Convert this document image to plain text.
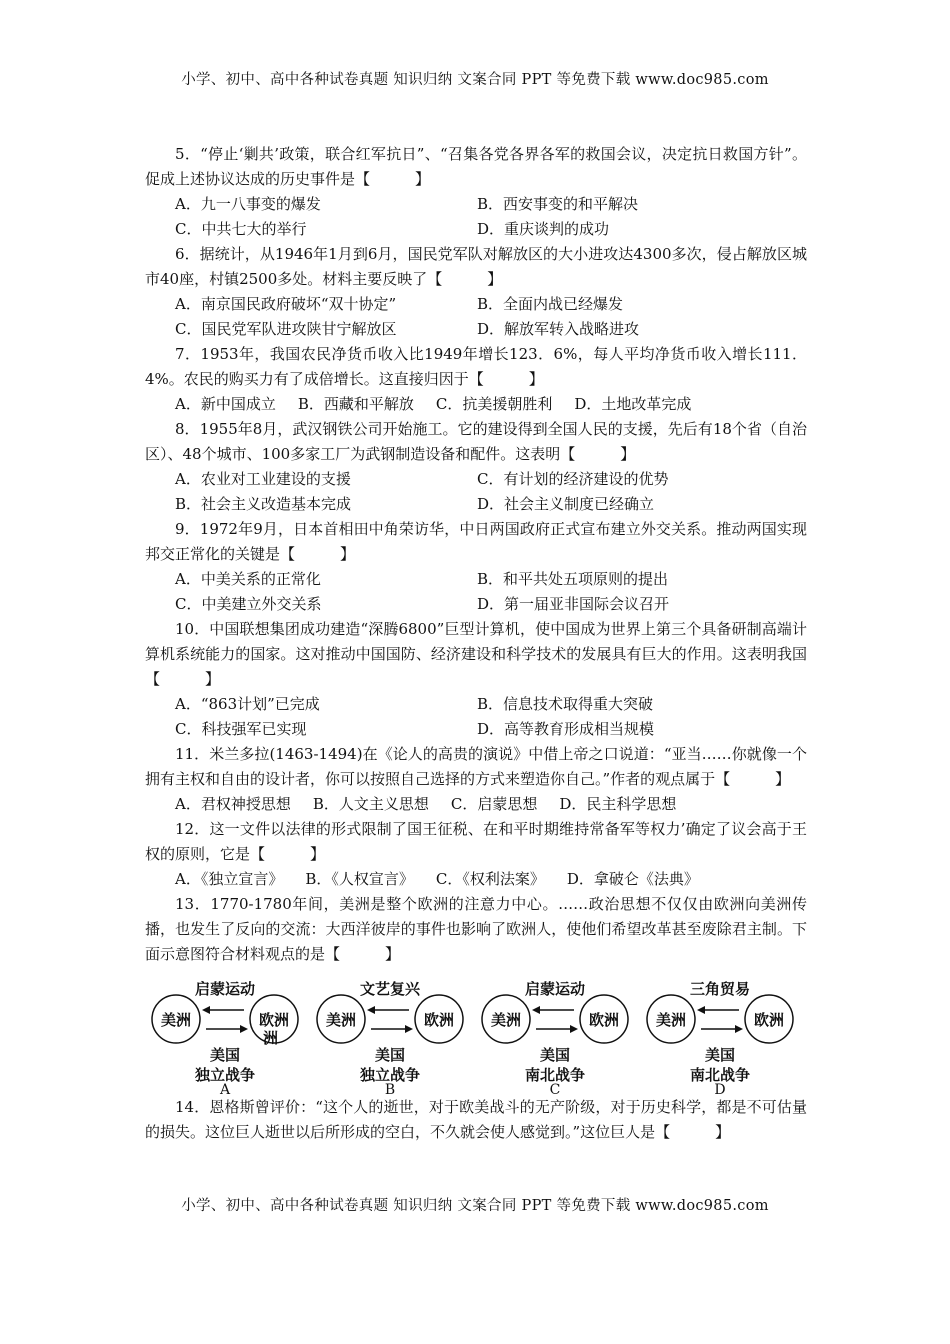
小学、初中、高中各种试卷真题 知识归纳 文案合同 PPT 等免费下载 www.doc985.com

5．“停止‘剿共’政策，联合红军抗日”、“召集各党各界各军的救国会议，决定抗日救国方针”。促成上述协议达成的历史事件是【　　　】

A．九一八事变的爆发	B．西安事变的和平解决
C．中共七大的举行	D．重庆谈判的成功

6．据统计，从1946年1月到6月，国民党军队对解放区的大小进攻达4300多次，侵占解放区城市40座，村镇2500多处。材料主要反映了【　　　】

A．南京国民政府破坏“双十协定”	B．全面内战已经爆发
C．国民党军队进攻陕甘宁解放区	D．解放军转入战略进攻

7．1953年，我国农民净货币收入比1949年增长123．6%，每人平均净货币收入增长111．4%。农民的购买力有了成倍增长。这直接归因于【　　　】

A．新中国成立 B．西藏和平解放 C．抗美援朝胜利 D．土地改革完成

8．1955年8月，武汉钢铁公司开始施工。它的建设得到全国人民的支援，先后有18个省（自治区）、48个城市、100多家工厂为武钢制造设备和配件。这表明【　　　】

A．农业对工业建设的支援	C．有计划的经济建设的优势
B．社会主义改造基本完成	D．社会主义制度已经确立

9．1972年9月，日本首相田中角荣访华，中日两国政府正式宣布建立外交关系。推动两国实现邦交正常化的关键是【　　　】

A．中美关系的正常化	B．和平共处五项原则的提出
C．中美建立外交关系	D．第一届亚非国际会议召开

10．中国联想集团成功建造“深腾6800”巨型计算机，使中国成为世界上第三个具备研制高端计算机系统能力的国家。这对推动中国国防、经济建设和科学技术的发展具有巨大的作用。这表明我国【　　　】

A．“863计划”已完成	B．信息技术取得重大突破
C．科技强军已实现	D．高等教育形成相当规模

11．米兰多拉(1463-1494)在《论人的高贵的演说》中借上帝之口说道：“亚当……你就像一个拥有主权和自由的设计者，你可以按照自己选择的方式来塑造你自己。”作者的观点属于【　　　】

A．君权神授思想 B．人文主义思想 C．启蒙思想 D．民主科学思想

12．这一文件以法律的形式限制了国王征税、在和平时期维持常备军等权力’确定了议会高于王权的原则，它是【　　　】

A．《独立宣言》 B．《人权宣言》 C．《权利法案》 D．拿破仑《法典》

13．1770-1780年间，美洲是整个欧洲的注意力中心。……政治思想不仅仅由欧洲向美洲传播，也发生了反向的交流：大西洋彼岸的事件也影响了欧洲人，使他们希望改革甚至废除君主制。下面示意图符合材料观点的是【　　　】

启蒙运动
美洲	欧洲
洲
美国
独立战争
A
文艺复兴
美洲	欧洲
美国
独立战争
B
启蒙运动
美洲	欧洲
美国
南北战争
C
三角贸易
美洲	欧洲
美国
南北战争
D

14．恩格斯曾评价：“这个人的逝世，对于欧美战斗的无产阶级，对于历史科学，都是不可估量的损失。这位巨人逝世以后所形成的空白，不久就会使人感觉到。”这位巨人是【　　　】

小学、初中、高中各种试卷真题 知识归纳 文案合同 PPT 等免费下载 www.doc985.com
